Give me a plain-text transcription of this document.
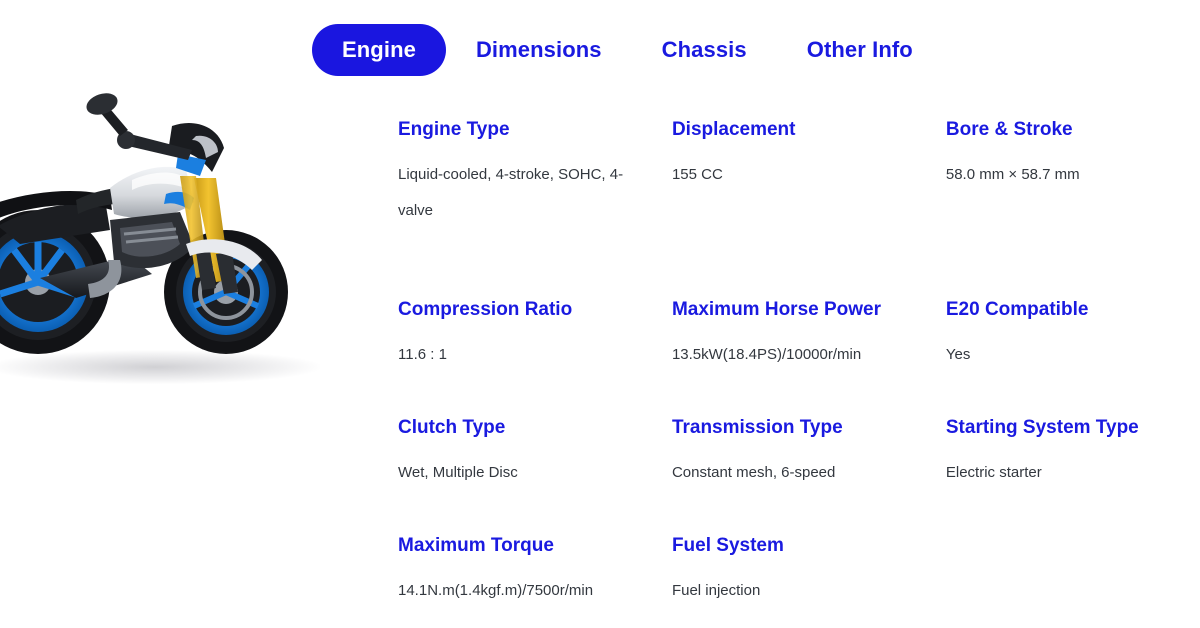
Engine	Dimensions	Chassis	Other Info
Engine Type
Liquid-cooled, 4-stroke, SOHC, 4-valve
Displacement
155 CC
Bore & Stroke
58.0 mm × 58.7 mm
Compression Ratio
11.6 : 1
Maximum Horse Power
13.5kW(18.4PS)/10000r/min
E20 Compatible
Yes
Clutch Type
Wet, Multiple Disc
Transmission Type
Constant mesh, 6-speed
Starting System Type
Electric starter
Maximum Torque
14.1N.m(1.4kgf.m)/7500r/min
Fuel System
Fuel injection
